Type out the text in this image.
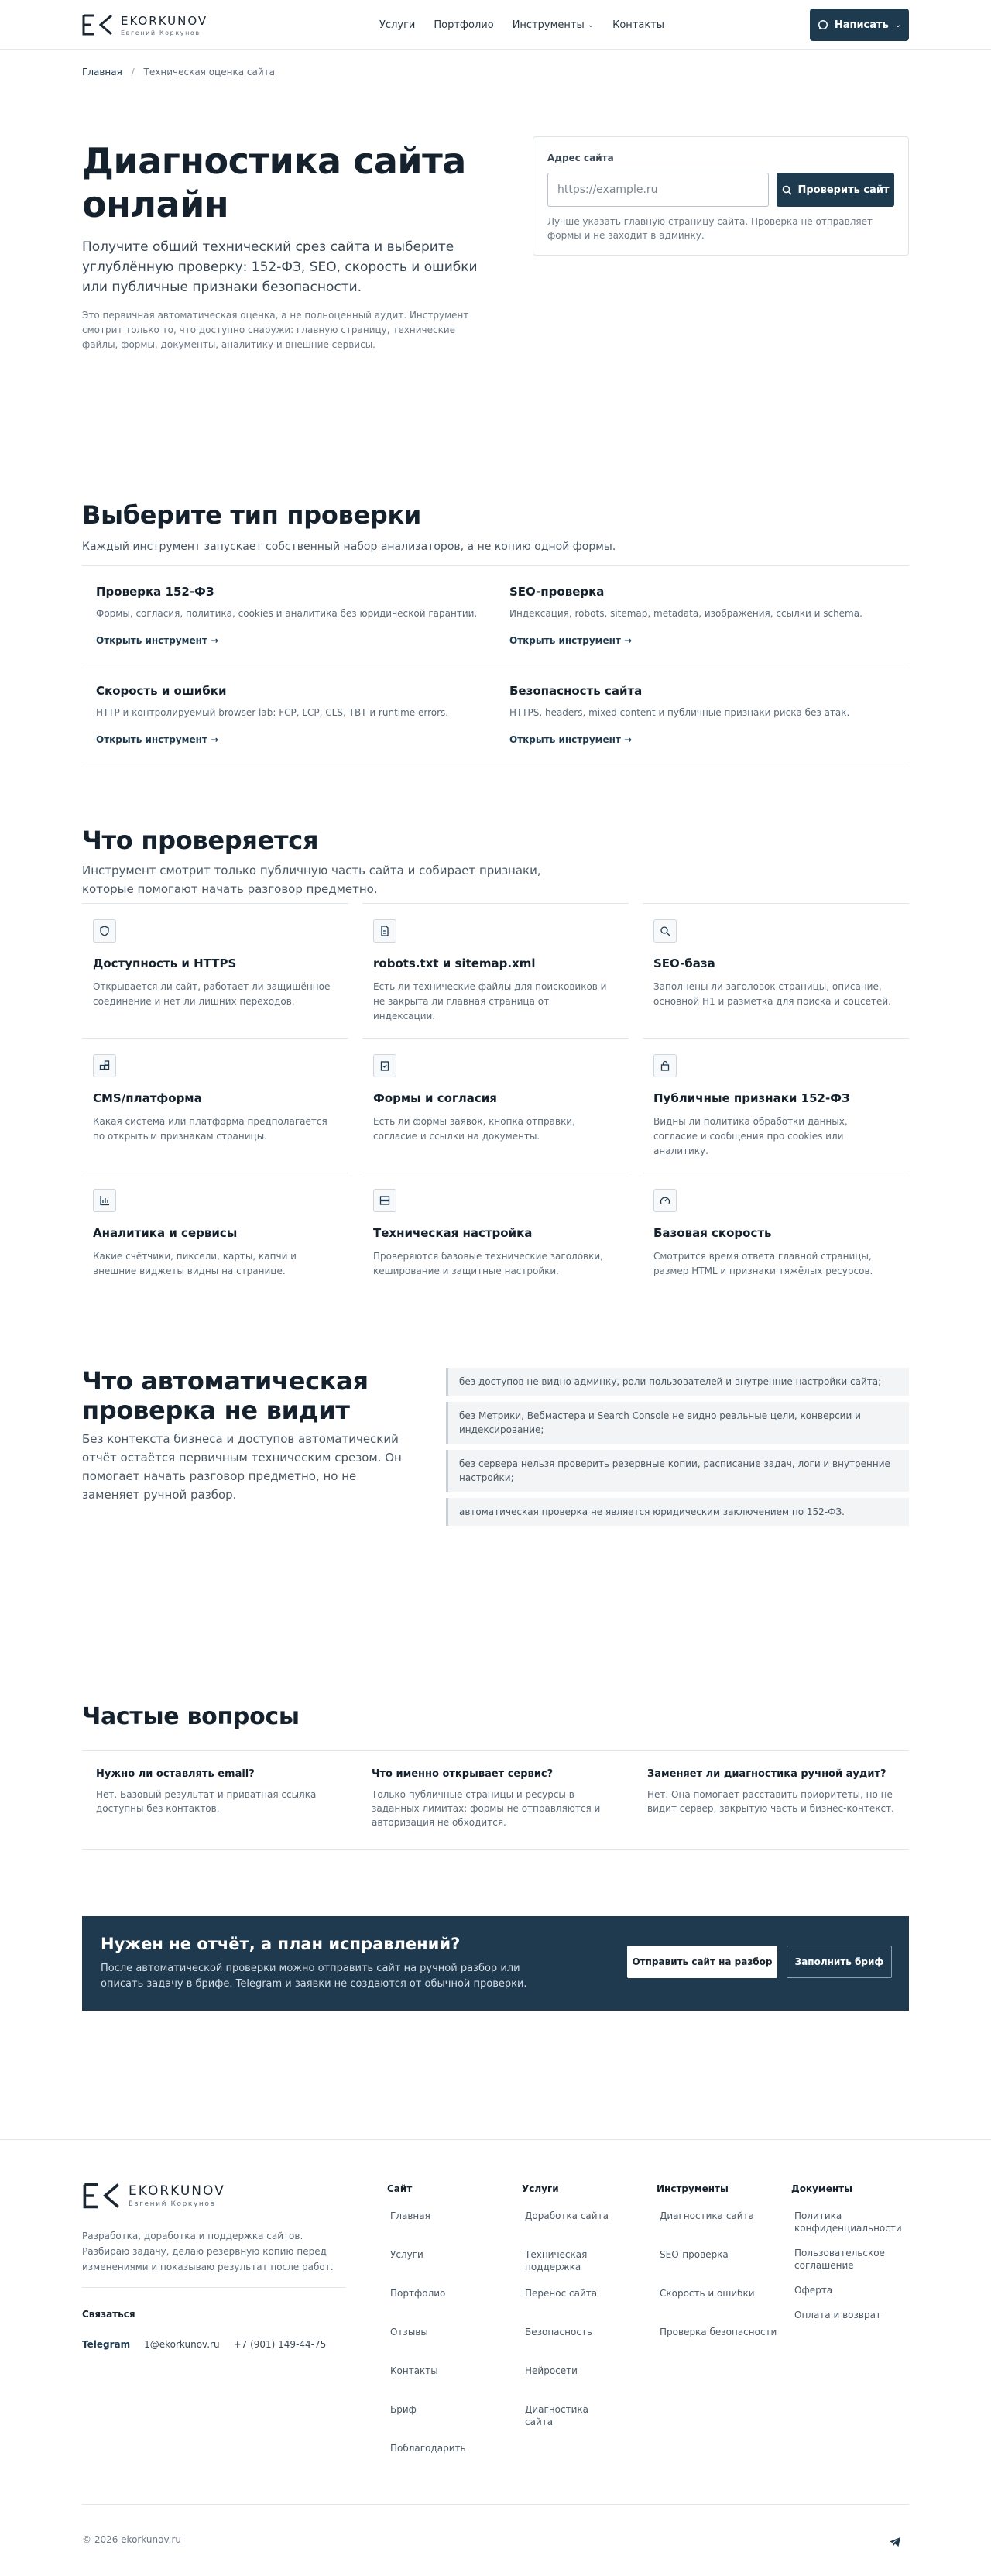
EKORKUNOV
Евгений Коркунов
Услуги Портфолио Инструменты ⌄ Контакты	Написать ⌄
Главная / Техническая оценка сайта
Диагностика сайта онлайн

Получите общий технический срез сайта и выберите углублённую проверку: 152-ФЗ, SEO, скорость и ошибки или публичные признаки безопасности.

Это первичная автоматическая оценка, а не полноценный аудит. Инструмент смотрит только то, что доступно снаружи: главную страницу, технические файлы, формы, документы, аналитику и внешние сервисы.

Адрес сайта
https://example.ru
Проверить сайт

Лучше указать главную страницу сайта. Проверка не отправляет формы и не заходит в админку.

Выберите тип проверки

Каждый инструмент запускает собственный набор анализаторов, а не копию одной формы.

Проверка 152-ФЗ

Формы, согласия, политика, cookies и аналитика без юридической гарантии.

Открыть инструмент →
SEO-проверка

Индексация, robots, sitemap, metadata, изображения, ссылки и schema.

Открыть инструмент →
Скорость и ошибки

HTTP и контролируемый browser lab: FCP, LCP, CLS, TBT и runtime errors.

Открыть инструмент →
Безопасность сайта

HTTPS, headers, mixed content и публичные признаки риска без атак.

Открыть инструмент →
Что проверяется

Инструмент смотрит только публичную часть сайта и собирает признаки, которые помогают начать разговор предметно.

Доступность и HTTPS

Открывается ли сайт, работает ли защищённое соединение и нет ли лишних переходов.

robots.txt и sitemap.xml

Есть ли технические файлы для поисковиков и не закрыта ли главная страница от индексации.

SEO-база

Заполнены ли заголовок страницы, описание, основной H1 и разметка для поиска и соцсетей.

CMS/платформа

Какая система или платформа предполагается по открытым признакам страницы.

Формы и согласия

Есть ли формы заявок, кнопка отправки, согласие и ссылки на документы.

Публичные признаки 152-ФЗ

Видны ли политика обработки данных, согласие и сообщения про cookies или аналитику.

Аналитика и сервисы

Какие счётчики, пиксели, карты, капчи и внешние виджеты видны на странице.

Техническая настройка

Проверяются базовые технические заголовки, кеширование и защитные настройки.

Базовая скорость

Смотрится время ответа главной страницы, размер HTML и признаки тяжёлых ресурсов.

Что автоматическая проверка не видит

Без контекста бизнеса и доступов автоматический отчёт остаётся первичным техническим срезом. Он помогает начать разговор предметно, но не заменяет ручной разбор.

без доступов не видно админку, роли пользователей и внутренние настройки сайта;
без Метрики, Вебмастера и Search Console не видно реальные цели, конверсии и индексирование;
без сервера нельзя проверить резервные копии, расписание задач, логи и внутренние настройки;
автоматическая проверка не является юридическим заключением по 152-ФЗ.
Частые вопросы
Нужно ли оставлять email?

Нет. Базовый результат и приватная ссылка доступны без контактов.

Что именно открывает сервис?

Только публичные страницы и ресурсы в заданных лимитах; формы не отправляются и авторизация не обходится.

Заменяет ли диагностика ручной аудит?

Нет. Она помогает расставить приоритеты, но не видит сервер, закрытую часть и бизнес-контекст.

Нужен не отчёт, а план исправлений?

После автоматической проверки можно отправить сайт на ручной разбор или описать задачу в брифе. Telegram и заявки не создаются от обычной проверки.

Отправить сайт на разбор	Заполнить бриф
EKORKUNOV
Евгений Коркунов

Разработка, доработка и поддержка сайтов. Разбираю задачу, делаю резервную копию перед изменениями и показываю результат после работ.

Связаться
Telegram 1@ekorkunov.ru +7 (901) 149-44-75
Сайт
Главная
Услуги
Портфолио
Отзывы
Контакты
Бриф
Поблагодарить
Услуги
Доработка сайта
Техническая поддержка
Перенос сайта
Безопасность
Нейросети
Диагностика сайта
Инструменты
Диагностика сайта
SEO-проверка
Скорость и ошибки
Проверка безопасности
Документы
Политика конфиденциальности
Пользовательское соглашение
Оферта
Оплата и возврат
© 2026 ekorkunov.ru
